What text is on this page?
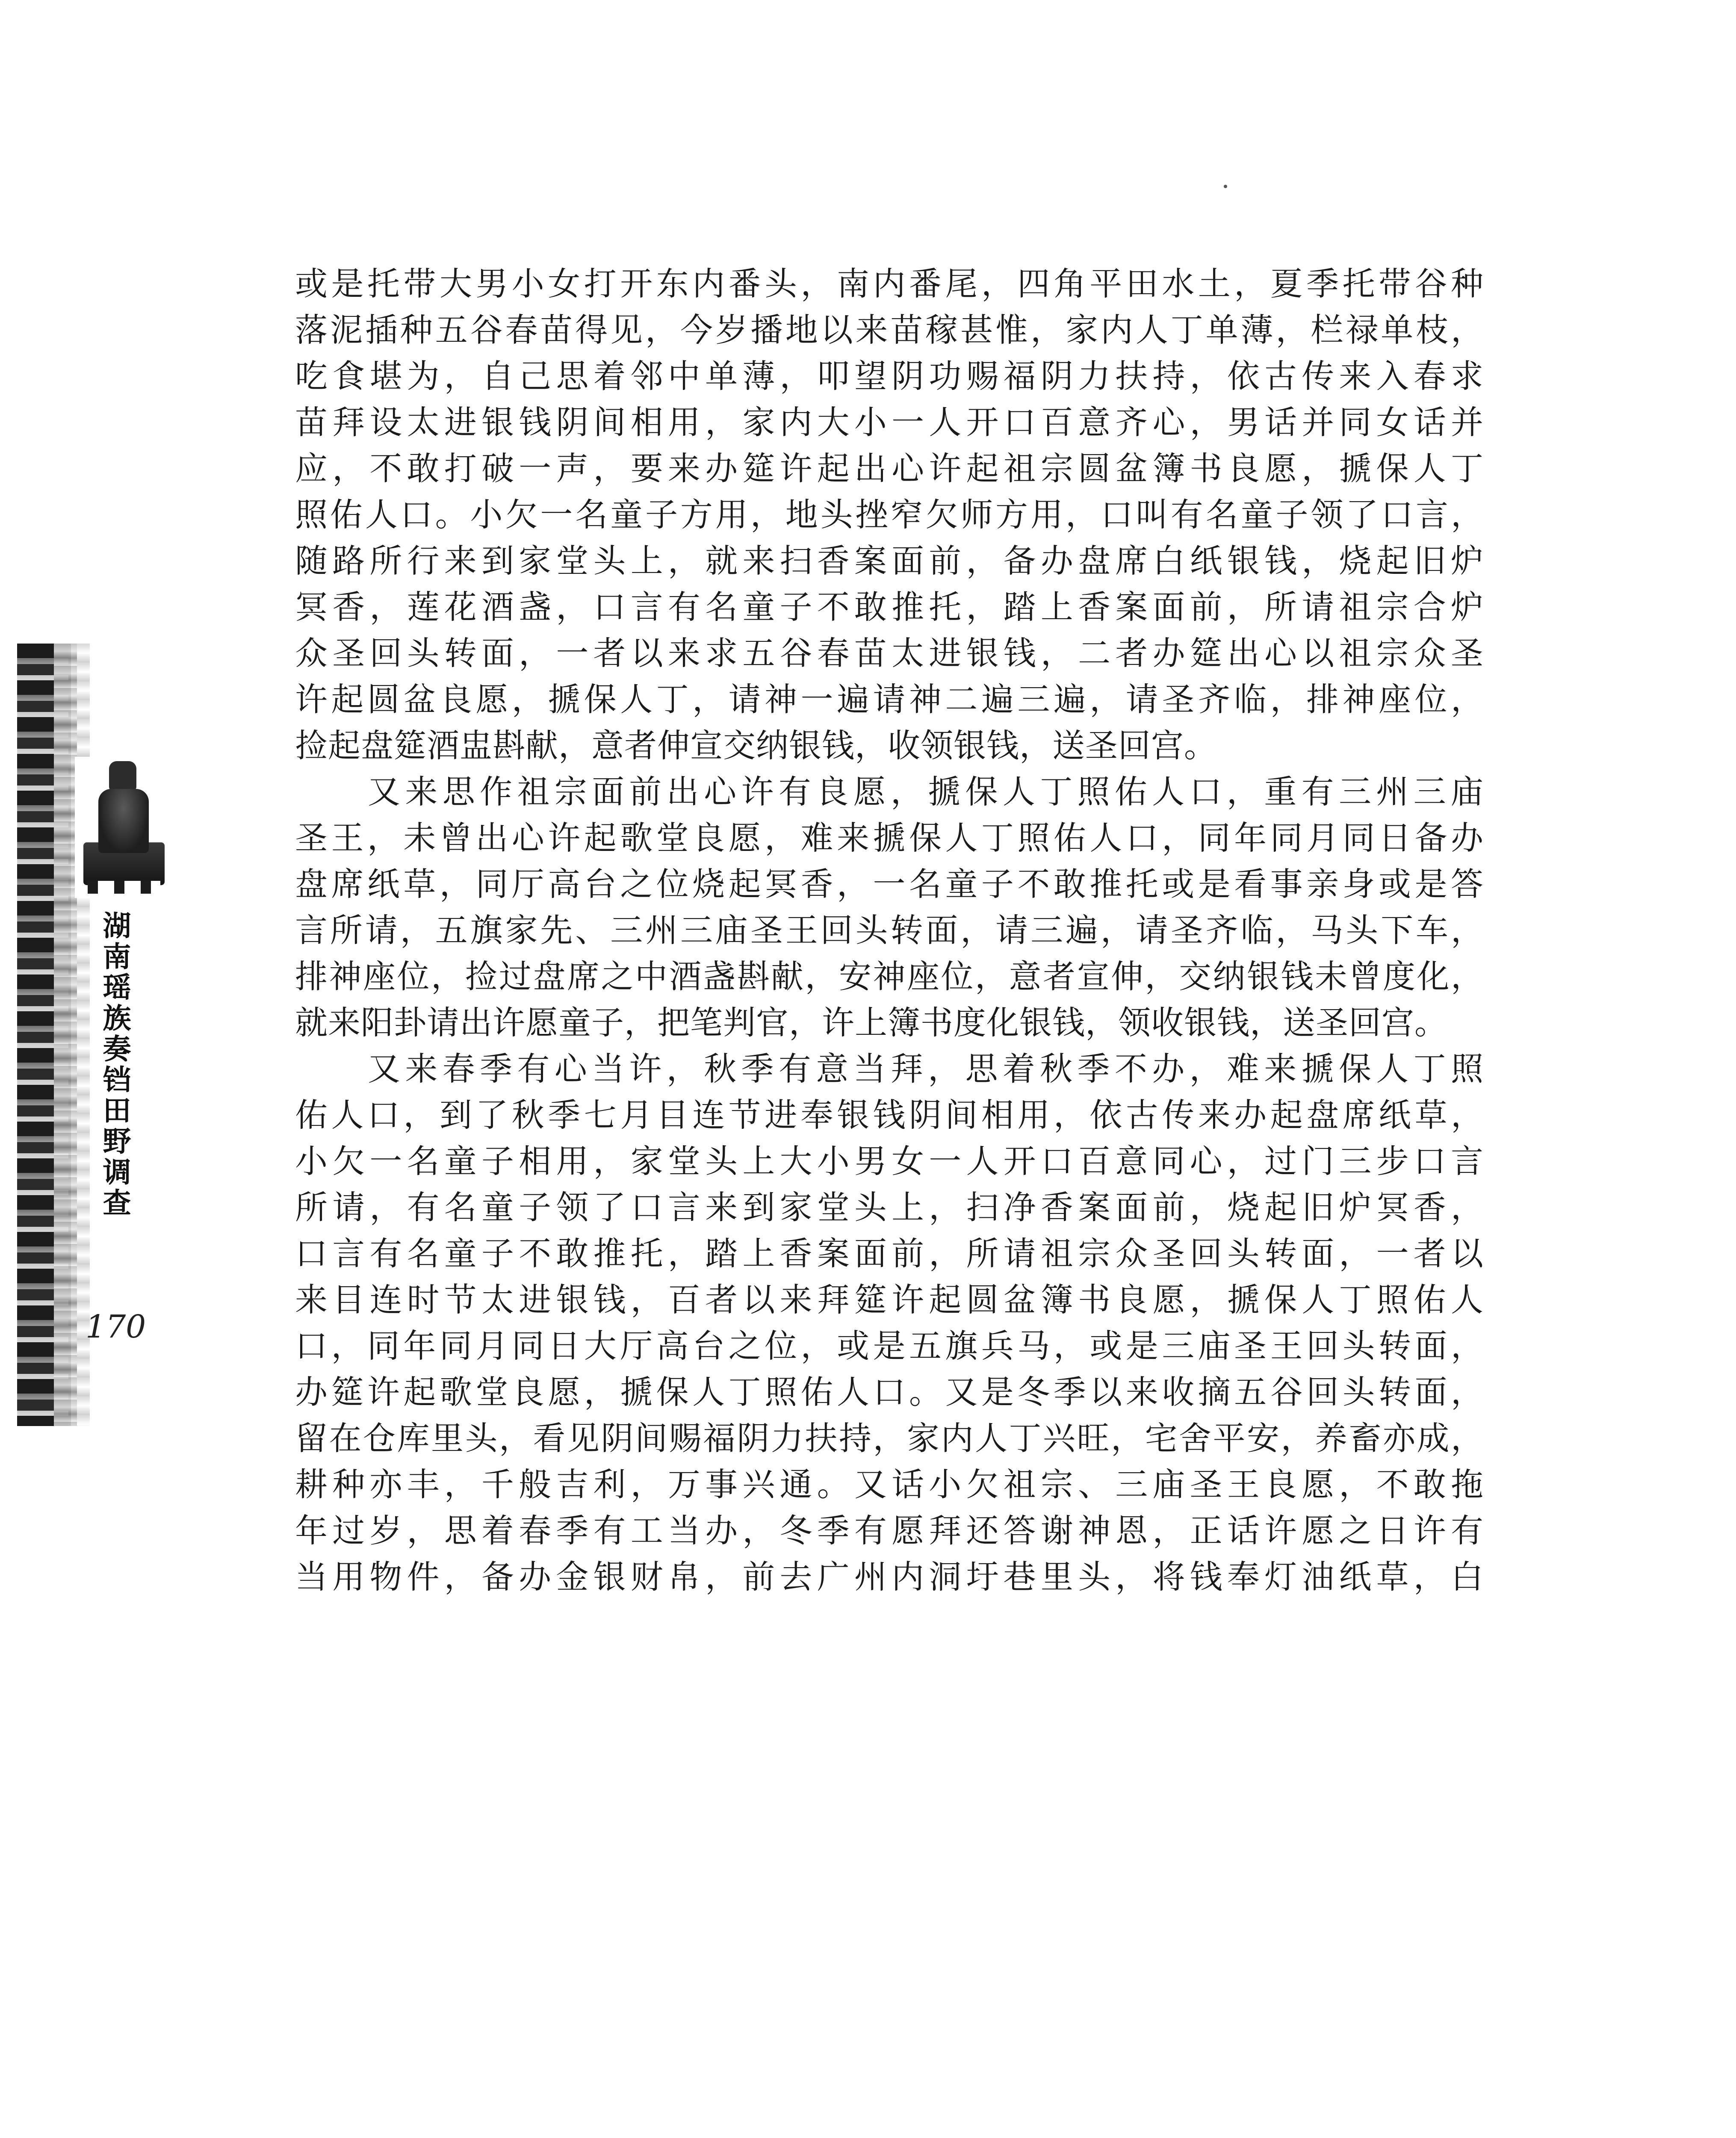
湖南瑶族奏铛田野调查
170
或是托带大男小女打开东内番头，南内番尾，四角平田水土，夏季托带谷种
落泥插种五谷春苗得见，今岁播地以来苗稼甚惟，家内人丁单薄，栏禄单枝，
吃食堪为，自己思着邻中单薄，叩望阴功赐福阴力扶持，依古传来入春求
苗拜设太进银钱阴间相用，家内大小一人开口百意齐心，男话并同女话并
应，不敢打破一声，要来办筵许起出心许起祖宗圆盆簿书良愿，搋保人丁
照佑人口。小欠一名童子方用，地头挫窄欠师方用，口叫有名童子领了口言，
随路所行来到家堂头上，就来扫香案面前，备办盘席白纸银钱，烧起旧炉
冥香，莲花酒盏，口言有名童子不敢推托，踏上香案面前，所请祖宗合炉
众圣回头转面，一者以来求五谷春苗太进银钱，二者办筵出心以祖宗众圣
许起圆盆良愿，搋保人丁，请神一遍请神二遍三遍，请圣齐临，排神座位，
捡起盘筵酒盅斟献，意者伸宣交纳银钱，收领银钱，送圣回宫。
又来思作祖宗面前出心许有良愿，搋保人丁照佑人口，重有三州三庙
圣王，未曾出心许起歌堂良愿，难来搋保人丁照佑人口，同年同月同日备办
盘席纸草，同厅高台之位烧起冥香，一名童子不敢推托或是看事亲身或是答
言所请，五旗家先、三州三庙圣王回头转面，请三遍，请圣齐临，马头下车，
排神座位，捡过盘席之中酒盏斟献，安神座位，意者宣伸，交纳银钱未曾度化，
就来阳卦请出许愿童子，把笔判官，许上簿书度化银钱，领收银钱，送圣回宫。
又来春季有心当许，秋季有意当拜，思着秋季不办，难来搋保人丁照
佑人口，到了秋季七月目连节进奉银钱阴间相用，依古传来办起盘席纸草，
小欠一名童子相用，家堂头上大小男女一人开口百意同心，过门三步口言
所请，有名童子领了口言来到家堂头上，扫净香案面前，烧起旧炉冥香，
口言有名童子不敢推托，踏上香案面前，所请祖宗众圣回头转面，一者以
来目连时节太进银钱，百者以来拜筵许起圆盆簿书良愿，搋保人丁照佑人
口，同年同月同日大厅高台之位，或是五旗兵马，或是三庙圣王回头转面，
办筵许起歌堂良愿，搋保人丁照佑人口。又是冬季以来收摘五谷回头转面，
留在仓库里头，看见阴间赐福阴力扶持，家内人丁兴旺，宅舍平安，养畜亦成，
耕种亦丰，千般吉利，万事兴通。又话小欠祖宗、三庙圣王良愿，不敢拖
年过岁，思着春季有工当办，冬季有愿拜还答谢神恩，正话许愿之日许有
当用物件，备办金银财帛，前去广州内洞圩巷里头，将钱奉灯油纸草，白
